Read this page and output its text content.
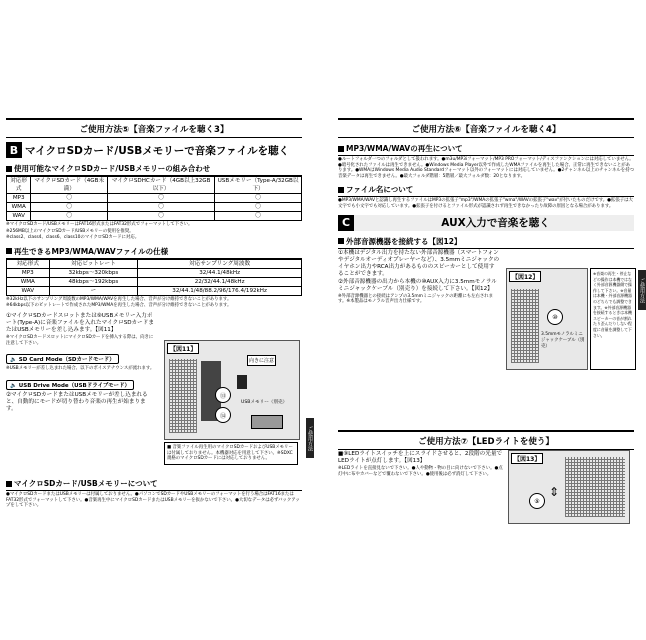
ご使用方法⑤【音楽ファイルを聴く3】
B マイクロSDカード/USBメモリーで音楽ファイルを聴く
使用可能なマイクロSDカード/USBメモリーの組み合わせ
対応形式	マイクロSDカード（4GB未満）	マイクロSDHCカード（4GB以上32GB以下）	USBメモリー（Type-A/32GB以下）
MP3	〇	〇	〇
WMA	〇	〇	〇
WAV	〇	〇	〇
※マイクロSDカード/USBメモリーはFAT16形式またはFAT32形式でフォーマットして下さい。
※256MB以上のマイクロSDカード/USBメモリーの使用を推奨。
※class2、class4、class6、class10のマイクロSDカードに対応。
再生できるMP3/WMA/WAVファイルの仕様
対応形式	対応ビットレート	対応サンプリング周波数
MP3	32kbps〜320kbps	32/44.1/48kHz
WMA	48kbps〜192kbps	22/32/44.1/48kHz
WAV	ー	32/44.1/48/88.2/96/176.4/192kHz
※32kHz以下のサンプリング周波数のMP3/WMA/WAVを再生した場合、音声が分け維持できないことがあります。
※64kbps以下のビットレートで作成されたMP3/WMAを再生した場合、音声が分け維持できないことがあります。
①マイクロSDカードスロットまたは⑨USBメモリー入力ポート(Type-A)に音楽ファイルを入れたマイクロSDカードまたはUSBメモリーを差し込みます。【図11】
※マイクロSDカードスロットにマイクロSDカードを挿入する際は、向きに注意して下さい。
🔈 SD Card Mode（SDカードモード）
※USBメモリーが差し込まれた場合、以下のボイスアナウンスが流れます。
🔈 USB Drive Mode（USBドライブモード）
②マイクロSDカードまたはUSBメモリーが差し込まれると、自動的にモードが切り替わり音楽の再生が始まります。
【図11】
⑬
⑭
向きに注意
USBメモリー（別売）
■ 音楽ファイル再生用のマイクロSDカードおよびUSBメモリーは付属しておりません。本機器対応を用意して下さい。※SDXC規格のマイクロSDカードには対応しておりません。
ご使用方法
マイクロSDカード/USBメモリーについて
●マイクロSDカードまたはUSBメモリーは付属しておりません。●パソコンでSDカードやUSBメモリーのフォーマットを行う場合はFAT16またはFAT32形式でフォーマットして下さい。●音楽再生中にマイクロSDカードまたはUSBメモリーを抜かないで下さい。●大切なデータは必ずバックアップをして下さい。
ご使用方法⑥【音楽ファイルを聴く4】
MP3/WMA/WAVの再生について
●ルートフォルダ一つのフォルダとして扱われます。●m3u/MP3iフォーマット/MP3 PROフォーマット/ディスファンクションには対応していません。●暗号化されたファイルは再生できません。●Windows Media Player以外で作成したWMAファイルを再生した場合、正常に再生できないことがあります。●WMAはWindows Media Audio Standardフォーマット以外のフォーマットには対応していません。●2チャンネル以上のチャンネルを持つ音楽データは再生できません。●最大フォルダ階層：5階層／最大フォルダ数：20となります。
ファイル名について
●MP3/WMA/WAVと認識し再生するファイルはMP3の拡張子"mp3"/WMAの拡張子"wma"/WAVの拡張子"wav"が付いたものだけです。●拡張子は大文字でも小文字でも対応しています。●拡張子を付けるとファイル形式が認識されず再生できなかったり故障の原因となる場合があります。
C	AUX入力で音楽を聴く
外部音源機器を接続する【図12】
①本機はデジタル出力を持たない外部音源機器（スマートフォンやデジタルオーディオプレーヤーなど）、3.5mmミニジャックのイヤホン出力やRCA出力があるもののスピーカーとして使用することができます。
②外部音源機器の出力から本機の⑩AUX入力に3.5mmモノラルミニジャックケーブル（別売り）を接続して下さい。【図12】
※外部音源機器との接続はアンプの3.5mmミニジャックの距離にも左右されます。※本製品はモノラル音声出力仕様です。
【図12】
⑩
3.5mmモノラルミニジャックケーブル（別売）
※音楽の再生・停止などの操作は本機ではなく外部音源機器側で操作して下さい。※音量は本機・外部音源機器のどちらでも調整できます。※外部音源機器を接続するときは本機スピーカーの音が割れたり歪んだりしない程度に音量を調整して下さい。
ご使用方法
ご使用方法⑦【LEDライトを使う】
■⑨LEDライトスイッチを上にスライドさせると、2段階の光量でLEDライトが点灯します。【図13】
※LEDライトを直接見ないで下さい。●人や動物・物の目に向けないで下さい。●点灯中に布やカバーなどで覆わないで下さい。●使用後は必ず消灯して下さい。
【図13】
⑨
⇕
